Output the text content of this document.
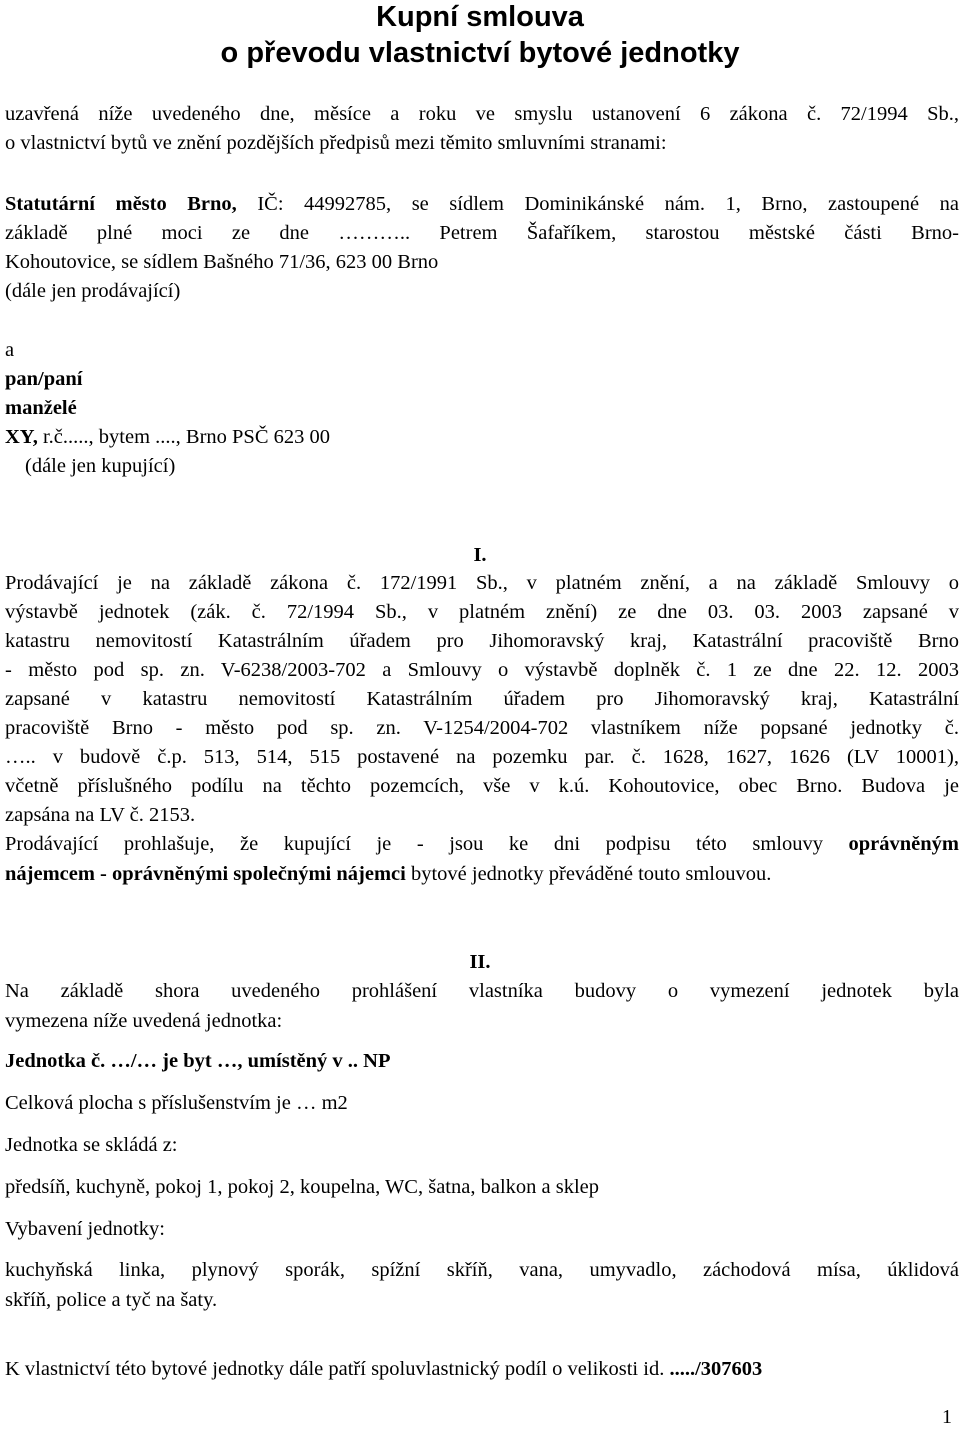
Kupní smlouva
o převodu vlastnictví bytové jednotky
uzavřená níže uvedeného dne, měsíce a roku ve smyslu ustanovení 6 zákona č. 72/1994 Sb.,
o vlastnictví bytů ve znění pozdějších předpisů mezi těmito smluvními stranami:
Statutární město Brno, IČ: 44992785, se sídlem Dominikánské nám. 1, Brno, zastoupené na
základě plné moci ze dne ……….. Petrem Šafaříkem, starostou městské části Brno-
Kohoutovice, se sídlem Bašného 71/36, 623 00 Brno
(dále jen prodávající)
a
pan/paní
manželé
XY, r.č....., bytem ...., Brno PSČ 623 00
(dále jen kupující)
I.
Prodávající je na základě zákona č. 172/1991 Sb., v platném znění, a na základě Smlouvy o
výstavbě jednotek (zák. č. 72/1994 Sb., v platném znění) ze dne 03. 03. 2003 zapsané v
katastru nemovitostí Katastrálním úřadem pro Jihomoravský kraj, Katastrální pracoviště Brno
- město pod sp. zn. V-6238/2003-702 a Smlouvy o výstavbě doplněk č. 1 ze dne 22. 12. 2003
zapsané v katastru nemovitostí Katastrálním úřadem pro Jihomoravský kraj, Katastrální
pracoviště Brno - město pod sp. zn. V-1254/2004-702 vlastníkem níže popsané jednotky č.
….. v budově č.p. 513, 514, 515 postavené na pozemku par. č. 1628, 1627, 1626 (LV 10001),
včetně příslušného podílu na těchto pozemcích, vše v k.ú. Kohoutovice, obec Brno. Budova je
zapsána na LV č. 2153.
Prodávající prohlašuje, že kupující je - jsou ke dni podpisu této smlouvy oprávněným
nájemcem - oprávněnými společnými nájemci bytové jednotky převáděné touto smlouvou.
II.
Na základě shora uvedeného prohlášení vlastníka budovy o vymezení jednotek byla
vymezena níže uvedená jednotka:
Jednotka č. …/… je byt …, umístěný v .. NP
Celková plocha s příslušenstvím je … m2
Jednotka se skládá z:
předsíň, kuchyně, pokoj 1, pokoj 2, koupelna, WC, šatna, balkon a sklep
Vybavení jednotky:
kuchyňská linka, plynový sporák, spížní skříň, vana, umyvadlo, záchodová mísa, úklidová
skříň, police a tyč na šaty.
K vlastnictví této bytové jednotky dále patří spoluvlastnický podíl o velikosti id. ...../307603
1
